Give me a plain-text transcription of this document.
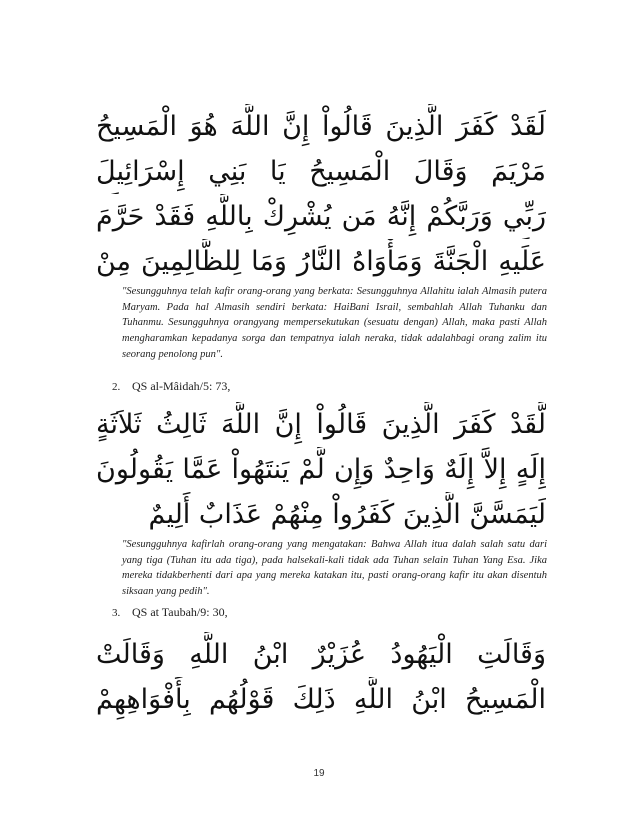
لَقَدْ كَفَرَ الَّذِينَ قَالُواْ إِنَّ اللَّهَ هُوَ الْمَسِيحُ
مَرْيَمَ وَقَالَ الْمَسِيحُ يَا بَنِي إِسْرَائِيلَ
رَبِّي وَرَبَّكُمْ إِنَّهُ مَن يُشْرِكْ بِاللَّهِ فَقَدْ حَرَّمَ
عَلَيهِ الْجَنَّةَ وَمَأْوَاهُ النَّارُ وَمَا لِلظَّالِمِينَ مِنْ
"Sesungguhnya telah kafir orang-orang yang berkata: Sesungguhnya Allahitu ialah Almasih putera Maryam. Pada hal Almasih sendiri berkata: HaiBani Israil, sembahlah Allah Tuhanku dan Tuhanmu. Sesungguhnya orangyang mempersekutukan (sesuatu dengan) Allah, maka pasti Allah mengharamkan kepadanya sorga dan tempatnya ialah neraka, tidak adalahbagi orang zalim itu seorang penolong pun".
2. QS al-Mâidah/5: 73,
لَّقَدْ كَفَرَ الَّذِينَ قَالُواْ إِنَّ اللَّهَ ثَالِثُ ثَلاَثَةٍ
إِلَهٍ إِلاَّ إِلَهٌ وَاحِدٌ وَإِن لَّمْ يَنتَهُواْ عَمَّا يَقُولُونَ
لَيَمَسَّنَّ الَّذِينَ كَفَرُواْ مِنْهُمْ عَذَابٌ أَلِيمٌ
"Sesungguhnya kafirlah orang-orang yang mengatakan: Bahwa Allah itua dalah salah satu dari yang tiga (Tuhan itu ada tiga), pada halsekali-kali tidak ada Tuhan selain Tuhan Yang Esa. Jika mereka tidakberhenti dari apa yang mereka katakan itu, pasti orang-orang kafir itu akan disentuh siksaan yang pedih".
3. QS at Taubah/9: 30,
وَقَالَتِ الْيَهُودُ عُزَيْرٌ ابْنُ اللَّهِ وَقَالَتْ
الْمَسِيحُ ابْنُ اللَّهِ ذَلِكَ قَوْلُهُم بِأَفْوَاهِهِمْ
19
